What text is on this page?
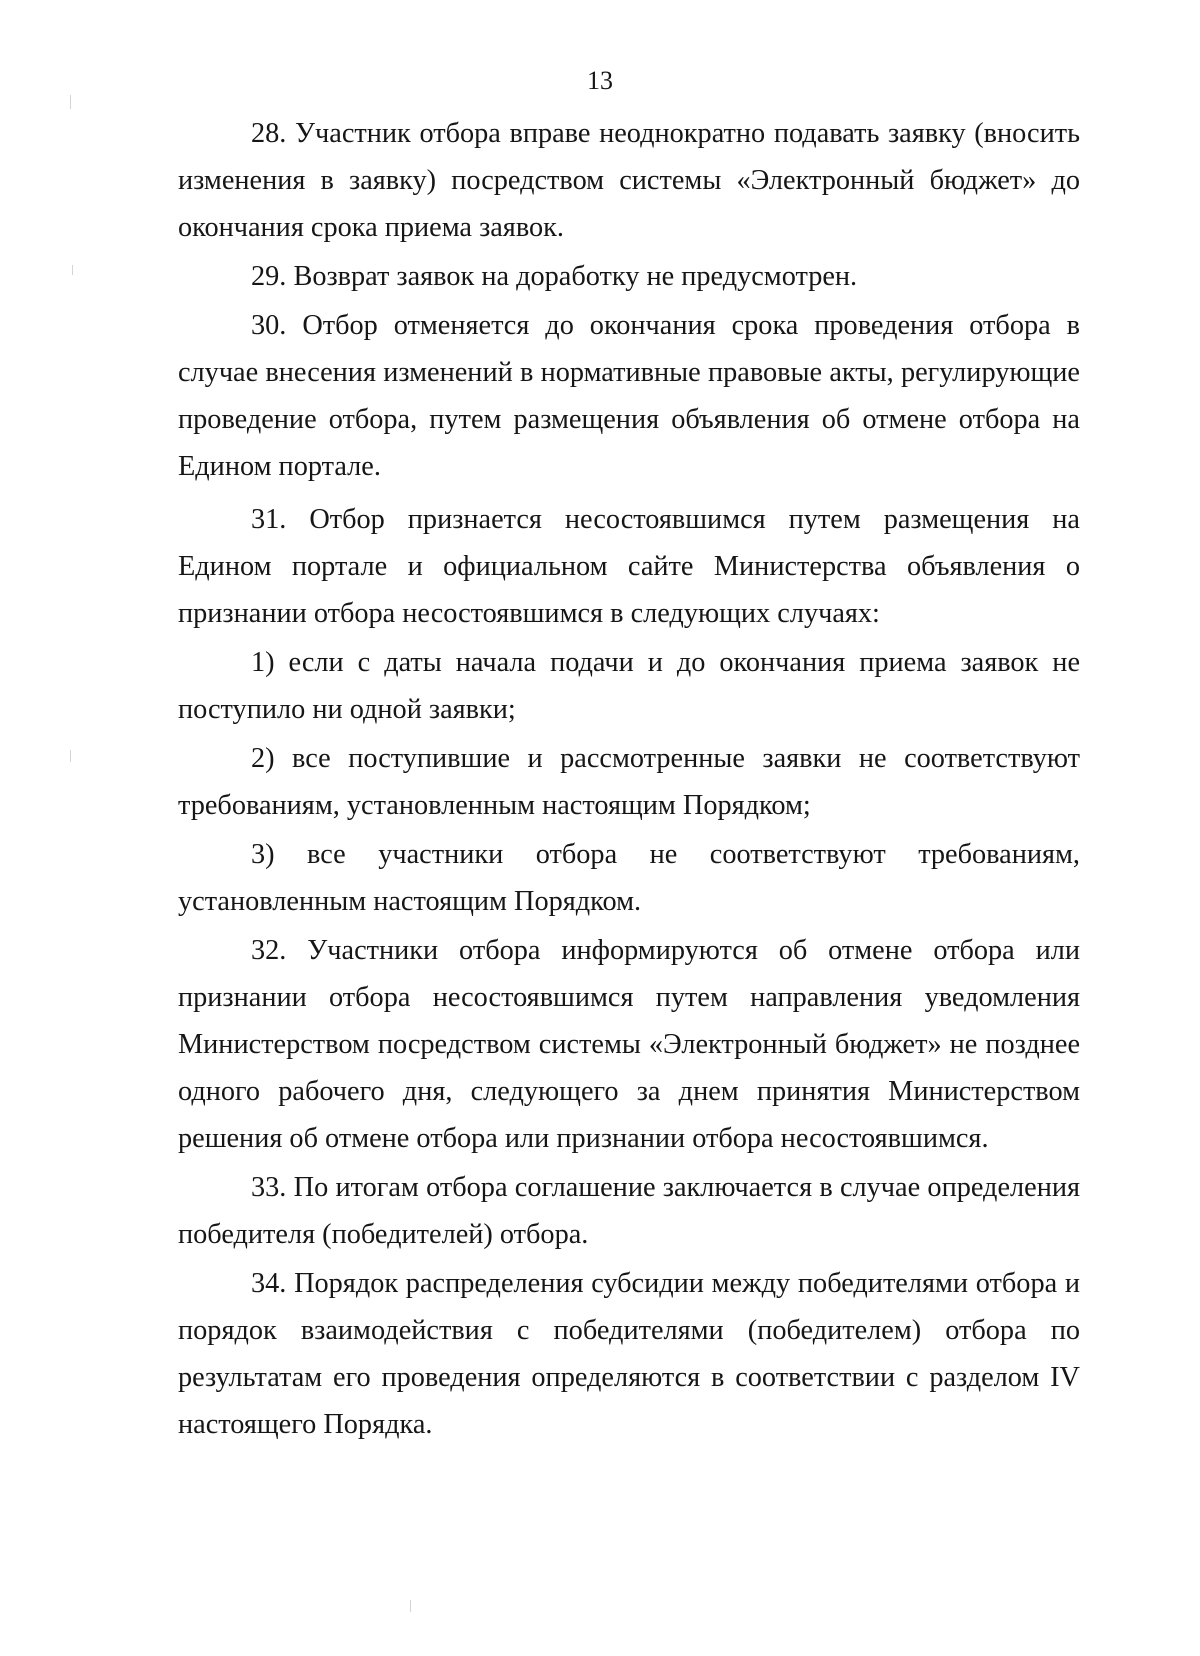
13

28. Участник отбора вправе неоднократно подавать заявку (вносить изменения в заявку) посредством системы «Электронный бюджет» до окончания срока приема заявок.

29. Возврат заявок на доработку не предусмотрен.

30. Отбор отменяется до окончания срока проведения отбора в случае внесения изменений в нормативные правовые акты, регулирующие проведение отбора, путем размещения объявления об отмене отбора на Едином портале.

31. Отбор признается несостоявшимся путем размещения на Едином портале и официальном сайте Министерства объявления о признании отбора несостоявшимся в следующих случаях:

1) если с даты начала подачи и до окончания приема заявок не поступило ни одной заявки;

2) все поступившие и рассмотренные заявки не соответствуют требованиям, установленным настоящим Порядком;

3) все участники отбора не соответствуют требованиям, установленным настоящим Порядком.

32. Участники отбора информируются об отмене отбора или признании отбора несостоявшимся путем направления уведомления Министерством посредством системы «Электронный бюджет» не позднее одного рабочего дня, следующего за днем принятия Министерством решения об отмене отбора или признании отбора несостоявшимся.

33. По итогам отбора соглашение заключается в случае определения победителя (победителей) отбора.

34. Порядок распределения субсидии между победителями отбора и порядок взаимодействия с победителями (победителем) отбора по результатам его проведения определяются в соответствии с разделом IV настоящего Порядка.
